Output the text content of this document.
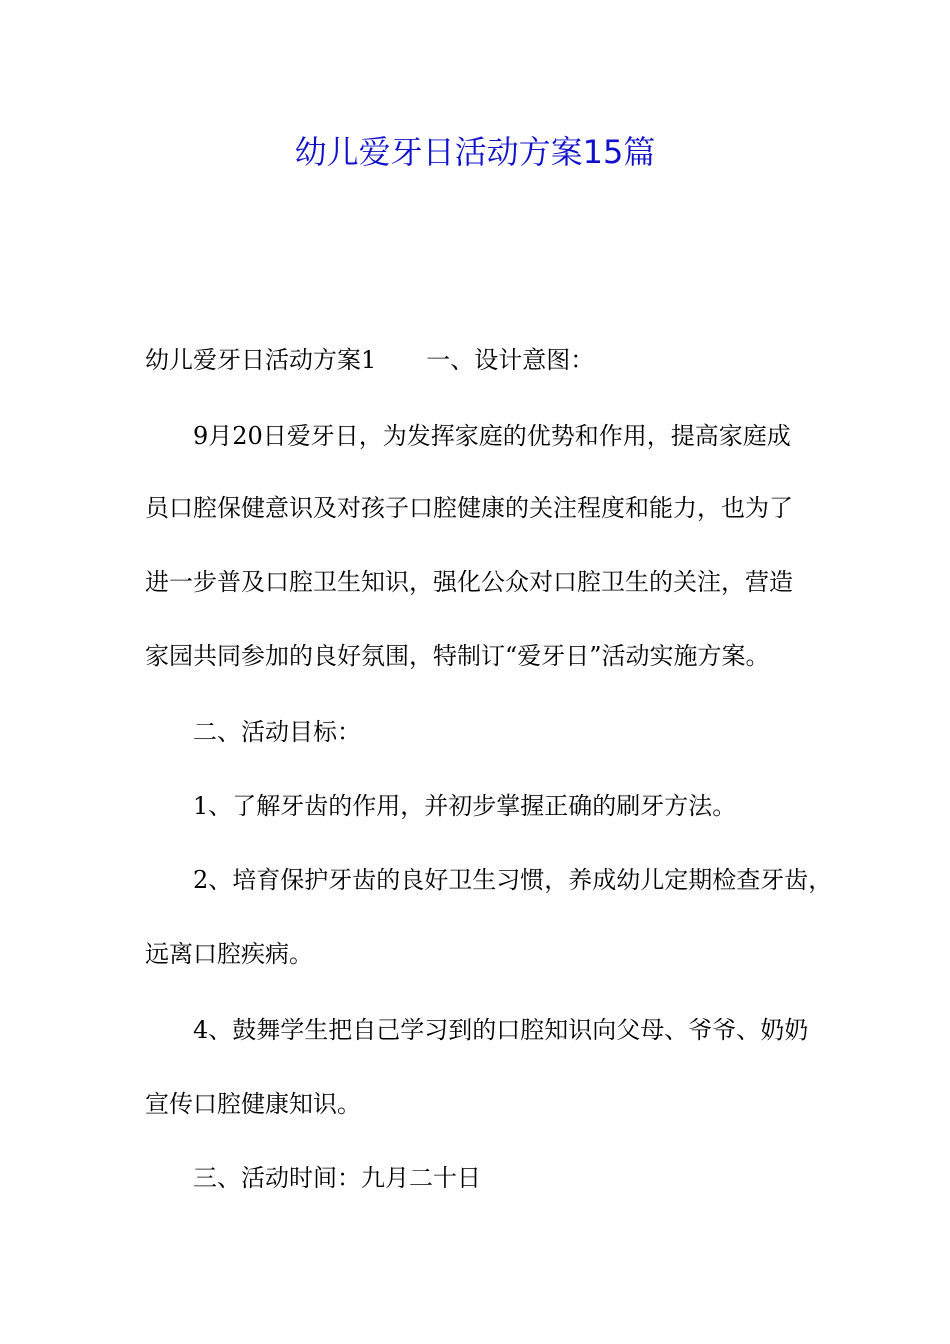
幼儿爱牙日活动方案15篇

幼儿爱牙日活动方案1 一、设计意图：

9月20日爱牙日，为发挥家庭的优势和作用，提高家庭成

员口腔保健意识及对孩子口腔健康的关注程度和能力，也为了

进一步普及口腔卫生知识，强化公众对口腔卫生的关注，营造

家园共同参加的良好氛围，特制订“爱牙日”活动实施方案。

二、活动目标：

1、了解牙齿的作用，并初步掌握正确的刷牙方法。

2、培育保护牙齿的良好卫生习惯，养成幼儿定期检查牙齿，

远离口腔疾病。

4、鼓舞学生把自己学习到的口腔知识向父母、爷爷、奶奶

宣传口腔健康知识。

三、活动时间：九月二十日
